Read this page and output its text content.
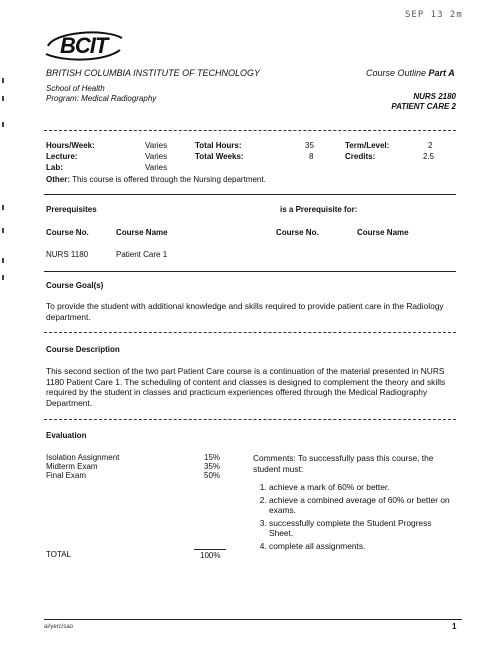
SEP 13 2m
BCIT
BRITISH COLUMBIA INSTITUTE OF TECHNOLOGY	Course Outline Part A
School of Health
Program: Medical Radiography	NURS 2180
PATIENT CARE 2
Hours/Week:	Varies	Total Hours:	35	Term/Level:	2
Lecture:	Varies	Total Weeks:	8	Credits:	2.5
Lab:	Varies
Other: This course is offered through the Nursing department.
Prerequisites	is a Prerequisite for:
Course No.	Course Name	Course No.	Course Name
NURS 1180	Patient Care 1
Course Goal(s)
To provide the student with additional knowledge and skills required to provide patient care in the Radiology department.
Course Description
This second section of the two part Patient Care course is a continuation of the material presented in NURS 1180 Patient Care 1. The scheduling of content and classes is designed to complement the theory and skills required by the student in classes and practicum experiences offered through the Medical Radiography Department.
Evaluation
Isolation Assignment	15%
Midterm Exam	35%
Final Exam	50%
TOTAL	100%
Comments: To successfully pass this course, the student must:
1. achieve a mark of 60% or better.
2. achieve a combined average of 60% or better on exams.
3. successfully complete the Student Progress Sheet.
4. complete all assignments.
ai/yerc/sao	1
